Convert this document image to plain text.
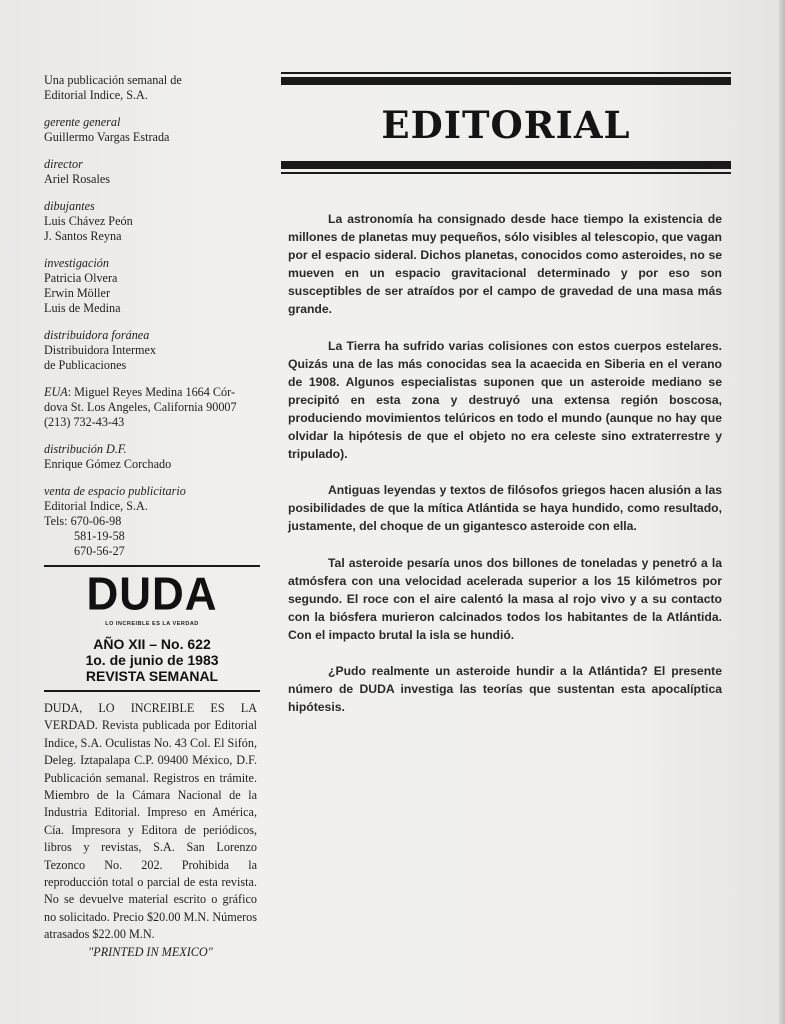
Una publicación semanal de
Editorial Indice, S.A.
gerente general
Guillermo Vargas Estrada
director
Ariel Rosales
dibujantes
Luis Chávez Peón
J. Santos Reyna
investigación
Patricia Olvera
Erwin Möller
Luis de Medina
distribuidora foránea
Distribuidora Intermex
de Publicaciones
EUA: Miguel Reyes Medina 1664 Cór-
dova St. Los Angeles, California 90007
(213) 732-43-43
distribución D.F.
Enrique Gómez Corchado
venta de espacio publicitario
Editorial Indice, S.A.
Tels: 670-06-98
581-19-58
670-56-27
DUDA
LO INCREIBLE ES LA VERDAD
AÑO XII – No. 622
1o. de junio de 1983
REVISTA SEMANAL
DUDA, LO INCREIBLE ES LA VERDAD. Revista publicada por Editorial Indice, S.A. Oculistas No. 43 Col. El Sifón, Deleg. Iztapalapa C.P. 09400 México, D.F. Publicación semanal. Registros en trámite. Miembro de la Cámara Nacional de la Industria Editorial. Impreso en América, Cía. Impresora y Editora de periódicos, libros y revistas, S.A. San Lorenzo Tezonco No. 202. Prohibida la reproducción total o parcial de esta revista. No se devuelve material escrito o gráfico no solicitado. Precio $20.00 M.N. Números atrasados $22.00 M.N.
"PRINTED IN MEXICO"
EDITORIAL

La astronomía ha consignado desde hace tiempo la existencia de millones de planetas muy pequeños, sólo visibles al telescopio, que vagan por el espacio sideral. Dichos planetas, conocidos como asteroides, no se mueven en un espacio gravitacional determinado y por eso son susceptibles de ser atraídos por el campo de gravedad de una masa más grande.

La Tierra ha sufrido varias colisiones con estos cuerpos estelares. Quizás una de las más conocidas sea la acaecida en Siberia en el verano de 1908. Algunos especialistas suponen que un asteroide mediano se precipitó en esta zona y destruyó una extensa región boscosa, produciendo movimientos telúricos en todo el mundo (aunque no hay que olvidar la hipótesis de que el objeto no era celeste sino extraterrestre y tripulado).

Antiguas leyendas y textos de filósofos griegos hacen alusión a las posibilidades de que la mítica Atlántida se haya hundido, como resultado, justamente, del choque de un gigantesco asteroide con ella.

Tal asteroide pesaría unos dos billones de toneladas y penetró a la atmósfera con una velocidad acelerada superior a los 15 kilómetros por segundo. El roce con el aire calentó la masa al rojo vivo y a su contacto con la biósfera murieron calcinados todos los habitantes de la Atlántida. Con el impacto brutal la isla se hundió.

¿Pudo realmente un asteroide hundir a la Atlántida? El presente número de DUDA investiga las teorías que sustentan esta apocalíptica hipótesis.
